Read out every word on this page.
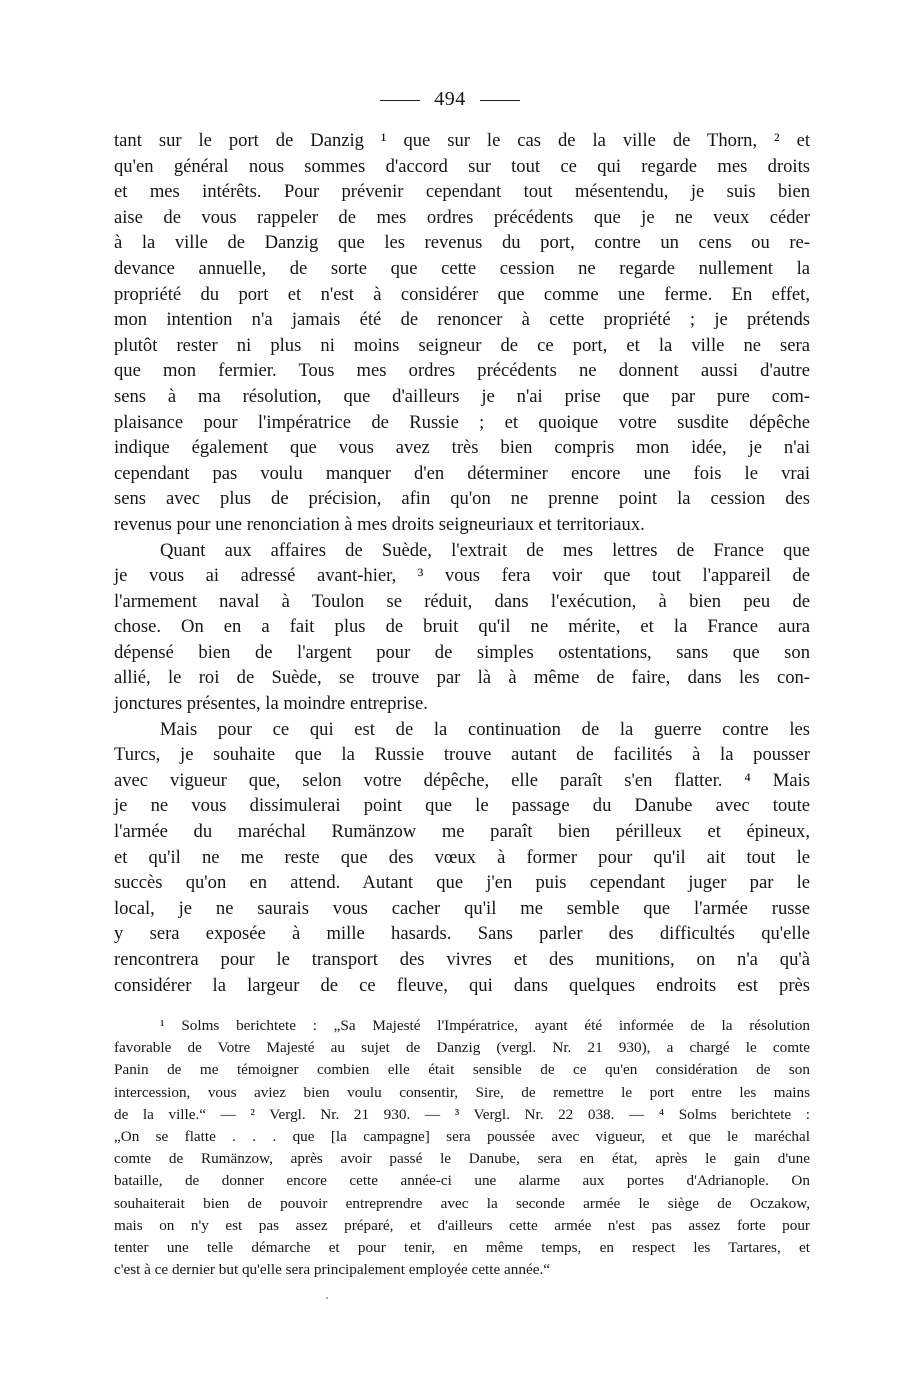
494
tant sur le port de Danzig ¹ que sur le cas de la ville de Thorn, ² et
qu'en général nous sommes d'accord sur tout ce qui regarde mes droits
et mes intérêts. Pour prévenir cependant tout mésentendu, je suis bien
aise de vous rappeler de mes ordres précédents que je ne veux céder
à la ville de Danzig que les revenus du port, contre un cens ou re-
devance annuelle, de sorte que cette cession ne regarde nullement la
propriété du port et n'est à considérer que comme une ferme. En effet,
mon intention n'a jamais été de renoncer à cette propriété ; je prétends
plutôt rester ni plus ni moins seigneur de ce port, et la ville ne sera
que mon fermier. Tous mes ordres précédents ne donnent aussi d'autre
sens à ma résolution, que d'ailleurs je n'ai prise que par pure com-
plaisance pour l'impératrice de Russie ; et quoique votre susdite dépêche
indique également que vous avez très bien compris mon idée, je n'ai
cependant pas voulu manquer d'en déterminer encore une fois le vrai
sens avec plus de précision, afin qu'on ne prenne point la cession des
revenus pour une renonciation à mes droits seigneuriaux et territoriaux.
Quant aux affaires de Suède, l'extrait de mes lettres de France que
je vous ai adressé avant-hier, ³ vous fera voir que tout l'appareil de
l'armement naval à Toulon se réduit, dans l'exécution, à bien peu de
chose. On en a fait plus de bruit qu'il ne mérite, et la France aura
dépensé bien de l'argent pour de simples ostentations, sans que son
allié, le roi de Suède, se trouve par là à même de faire, dans les con-
jonctures présentes, la moindre entreprise.
Mais pour ce qui est de la continuation de la guerre contre les
Turcs, je souhaite que la Russie trouve autant de facilités à la pousser
avec vigueur que, selon votre dépêche, elle paraît s'en flatter. ⁴ Mais
je ne vous dissimulerai point que le passage du Danube avec toute
l'armée du maréchal Rumänzow me paraît bien périlleux et épineux,
et qu'il ne me reste que des vœux à former pour qu'il ait tout le
succès qu'on en attend. Autant que j'en puis cependant juger par le
local, je ne saurais vous cacher qu'il me semble que l'armée russe
y sera exposée à mille hasards. Sans parler des difficultés qu'elle
rencontrera pour le transport des vivres et des munitions, on n'a qu'à
considérer la largeur de ce fleuve, qui dans quelques endroits est près
¹ Solms berichtete : „Sa Majesté l'Impératrice, ayant été informée de la résolution
favorable de Votre Majesté au sujet de Danzig (vergl. Nr. 21 930), a chargé le comte
Panin de me témoigner combien elle était sensible de ce qu'en considération de son
intercession, vous aviez bien voulu consentir, Sire, de remettre le port entre les mains
de la ville.“ — ² Vergl. Nr. 21 930. — ³ Vergl. Nr. 22 038. — ⁴ Solms berichtete :
„On se flatte . . . que [la campagne] sera poussée avec vigueur, et que le maréchal
comte de Rumänzow, après avoir passé le Danube, sera en état, après le gain d'une
bataille, de donner encore cette année-ci une alarme aux portes d'Adrianople. On
souhaiterait bien de pouvoir entreprendre avec la seconde armée le siège de Oczakow,
mais on n'y est pas assez préparé, et d'ailleurs cette armée n'est pas assez forte pour
tenter une telle démarche et pour tenir, en même temps, en respect les Tartares, et
c'est à ce dernier but qu'elle sera principalement employée cette année.“
